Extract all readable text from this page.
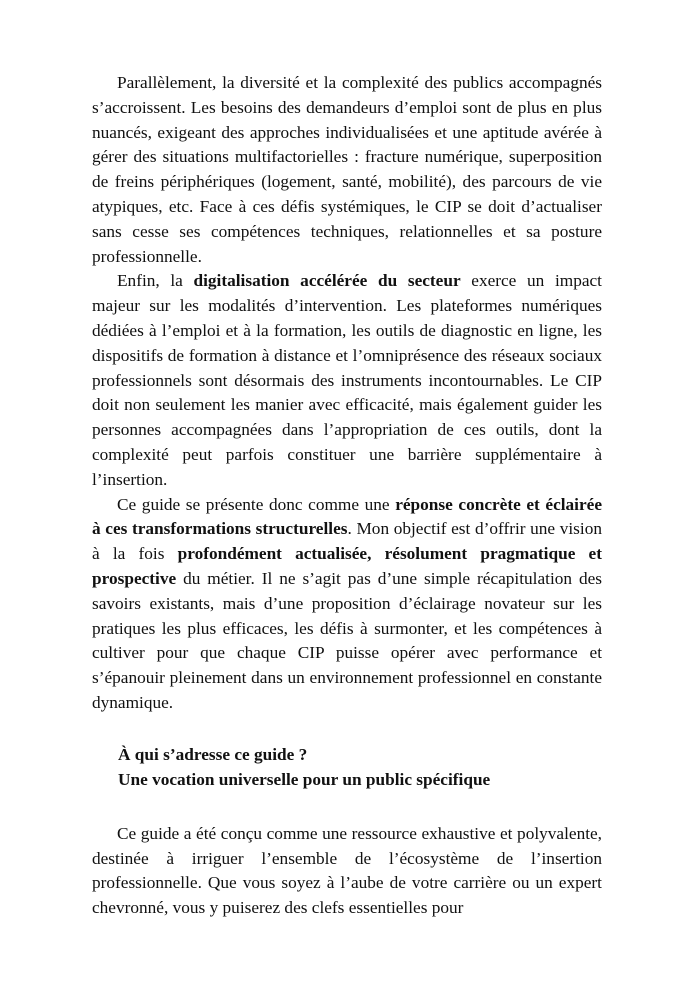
Parallèlement, la diversité et la complexité des publics accompagnés s’accroissent. Les besoins des demandeurs d’emploi sont de plus en plus nuancés, exigeant des approches individualisées et une aptitude avérée à gérer des situations multifactorielles : fracture numérique, superposition de freins périphériques (logement, santé, mobilité), des parcours de vie atypiques, etc. Face à ces défis systémiques, le CIP se doit d’actualiser sans cesse ses compétences techniques, relationnelles et sa posture professionnelle.

Enfin, la digitalisation accélérée du secteur exerce un impact majeur sur les modalités d’intervention. Les plateformes numériques dédiées à l’emploi et à la formation, les outils de diagnostic en ligne, les dispositifs de formation à distance et l’omniprésence des réseaux sociaux professionnels sont désormais des instruments incontournables. Le CIP doit non seulement les manier avec efficacité, mais également guider les personnes accompagnées dans l’appropriation de ces outils, dont la complexité peut parfois constituer une barrière supplémentaire à l’insertion.

Ce guide se présente donc comme une réponse concrète et éclairée à ces transformations structurelles. Mon objectif est d’offrir une vision à la fois profondément actualisée, résolument pragmatique et prospective du métier. Il ne s’agit pas d’une simple récapitulation des savoirs existants, mais d’une proposition d’éclairage novateur sur les pratiques les plus efficaces, les défis à surmonter, et les compétences à cultiver pour que chaque CIP puisse opérer avec performance et s’épanouir pleinement dans un environnement professionnel en constante dynamique.

À qui s’adresse ce guide ?

Une vocation universelle pour un public spécifique

Ce guide a été conçu comme une ressource exhaustive et polyvalente, destinée à irriguer l’ensemble de l’écosystème de l’insertion professionnelle. Que vous soyez à l’aube de votre carrière ou un expert chevronné, vous y puiserez des clefs essentielles pour
